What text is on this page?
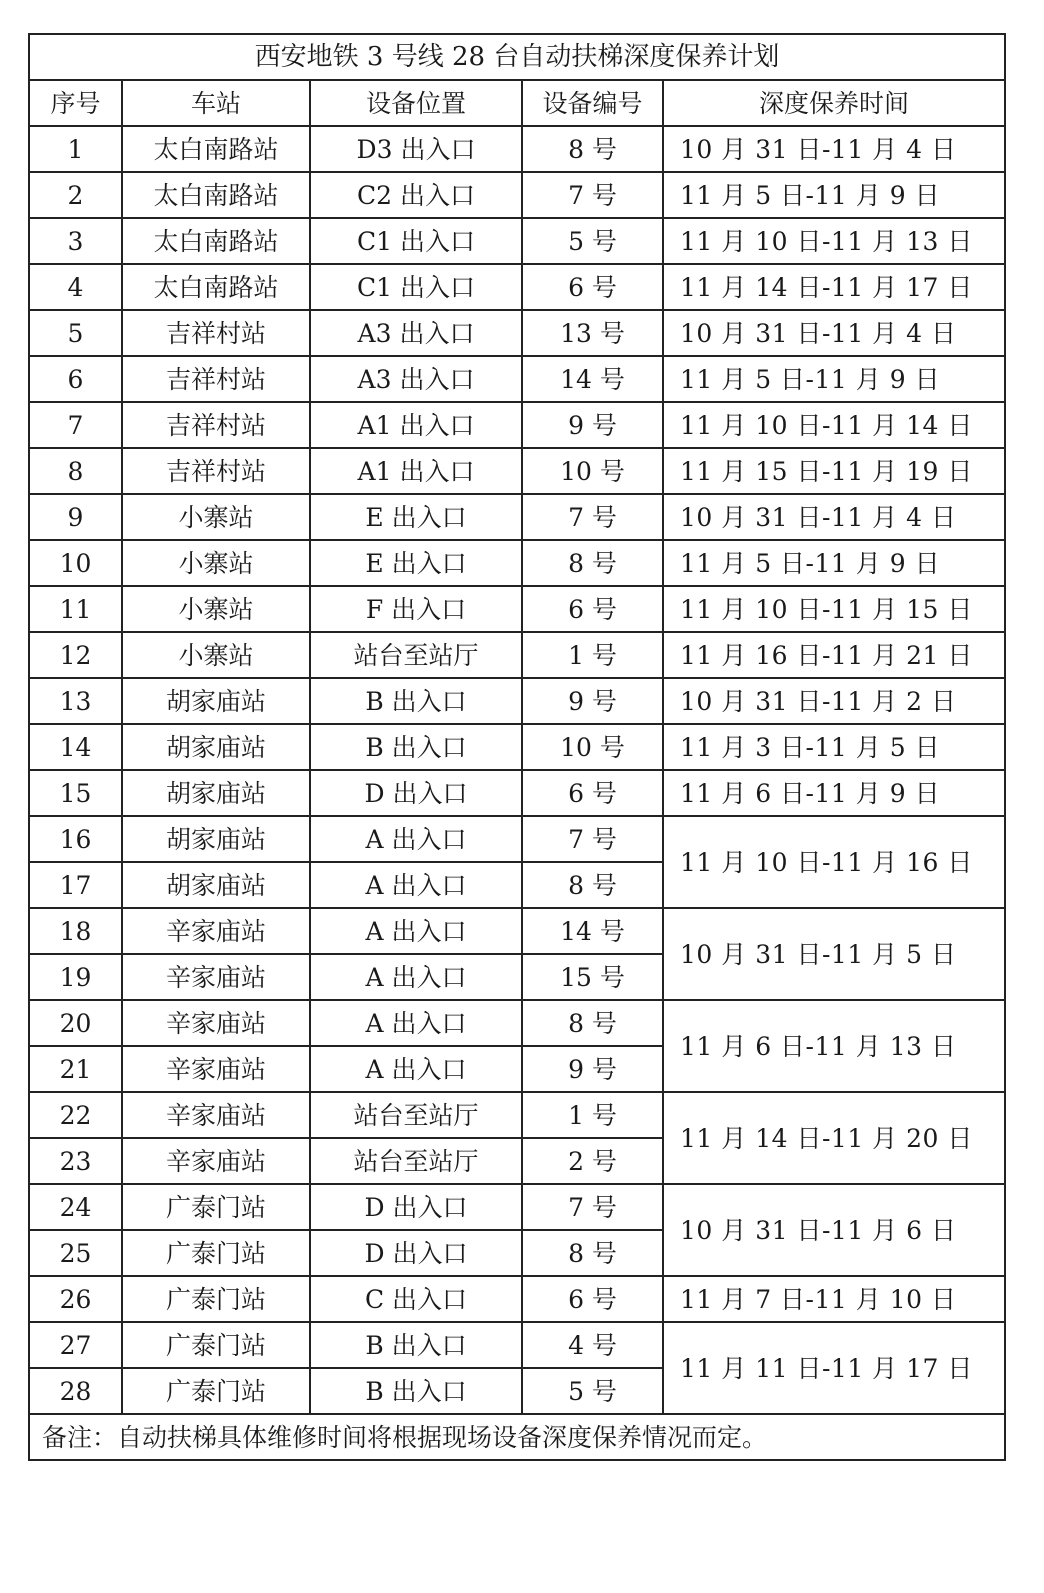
西安地铁 3 号线 28 台自动扶梯深度保养计划				
序号	车站	设备位置	设备编号	深度保养时间
1	太白南路站	D3 出入口	8 号	10 月 31 日-11 月 4 日
2	太白南路站	C2 出入口	7 号	11 月 5 日-11 月 9 日
3	太白南路站	C1 出入口	5 号	11 月 10 日-11 月 13 日
4	太白南路站	C1 出入口	6 号	11 月 14 日-11 月 17 日
5	吉祥村站	A3 出入口	13 号	10 月 31 日-11 月 4 日
6	吉祥村站	A3 出入口	14 号	11 月 5 日-11 月 9 日
7	吉祥村站	A1 出入口	9 号	11 月 10 日-11 月 14 日
8	吉祥村站	A1 出入口	10 号	11 月 15 日-11 月 19 日
9	小寨站	E 出入口	7 号	10 月 31 日-11 月 4 日
10	小寨站	E 出入口	8 号	11 月 5 日-11 月 9 日
11	小寨站	F 出入口	6 号	11 月 10 日-11 月 15 日
12	小寨站	站台至站厅	1 号	11 月 16 日-11 月 21 日
13	胡家庙站	B 出入口	9 号	10 月 31 日-11 月 2 日
14	胡家庙站	B 出入口	10 号	11 月 3 日-11 月 5 日
15	胡家庙站	D 出入口	6 号	11 月 6 日-11 月 9 日
16	胡家庙站	A 出入口	7 号	11 月 10 日-11 月 16 日
17	胡家庙站	A 出入口	8 号	
18	辛家庙站	A 出入口	14 号	10 月 31 日-11 月 5 日
19	辛家庙站	A 出入口	15 号	
20	辛家庙站	A 出入口	8 号	11 月 6 日-11 月 13 日
21	辛家庙站	A 出入口	9 号	
22	辛家庙站	站台至站厅	1 号	11 月 14 日-11 月 20 日
23	辛家庙站	站台至站厅	2 号	
24	广泰门站	D 出入口	7 号	10 月 31 日-11 月 6 日
25	广泰门站	D 出入口	8 号	
26	广泰门站	C 出入口	6 号	11 月 7 日-11 月 10 日
27	广泰门站	B 出入口	4 号	11 月 11 日-11 月 17 日
28	广泰门站	B 出入口	5 号	
备注：自动扶梯具体维修时间将根据现场设备深度保养情况而定。				
